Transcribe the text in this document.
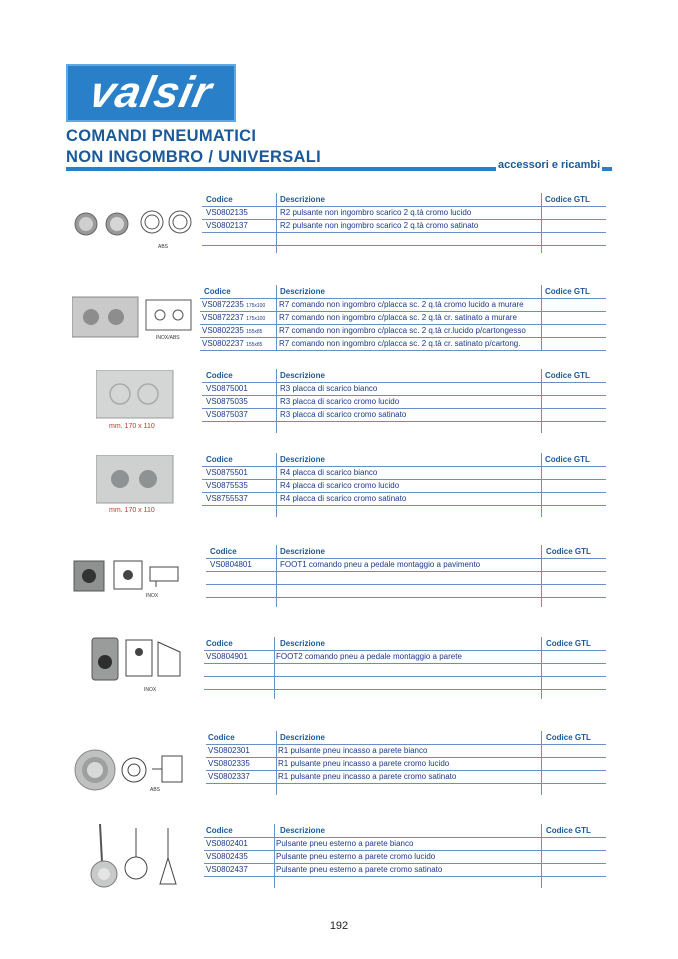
valsir
COMANDI PNEUMATICI
NON INGOMBRO / UNIVERSALI	accessori e ricambi
ABS
INOX/ABS
mm. 170 x 110
mm. 170 x 110
INOX
INOX
ABS
Codice	Descrizione	Codice GTL
VS0802135	R2 pulsante non ingombro scarico 2 q.tà cromo lucido
VS0802137	R2 pulsante non ingombro scarico 2 q.tà cromo satinato
Codice	Descrizione	Codice GTL
VS0872235 175x100 R7 comando non ingombro c/placca sc. 2 q.tà cromo lucido a murare
VS0872237 175x100 R7 comando non ingombro c/placca sc. 2 q.tà cr. satinato a murare
VS0802235 155x85 R7 comando non ingombro c/placca sc. 2 q.tà cr.lucido p/cartongesso
VS0802237 155x85 R7 comando non ingombro c/placca sc. 2 q.tà cr. satinato p/cartong.
Codice	Descrizione	Codice GTL
VS0875001	R3 placca di scarico bianco
VS0875035	R3 placca di scarico cromo lucido
VS0875037	R3 placca di scarico cromo satinato
Codice	Descrizione	Codice GTL
VS0875501	R4 placca di scarico bianco
VS0875535	R4 placca di scarico cromo lucido
VS8755537	R4 placca di scarico cromo satinato
Codice	Descrizione	Codice GTL
VS0804801	FOOT1 comando pneu a pedale montaggio a pavimento
Codice	Descrizione	Codice GTL
VS0804901	FOOT2 comando pneu a pedale montaggio a parete
Codice	Descrizione	Codice GTL
VS0802301	R1 pulsante pneu incasso a parete bianco
VS0802335	R1 pulsante pneu incasso a parete cromo lucido
VS0802337	R1 pulsante pneu incasso a parete cromo satinato
Codice	Descrizione	Codice GTL
VS0802401	Pulsante pneu esterno a parete bianco
VS0802435	Pulsante pneu esterno a parete cromo lucido
VS0802437	Pulsante pneu esterno a parete cromo satinato
192
